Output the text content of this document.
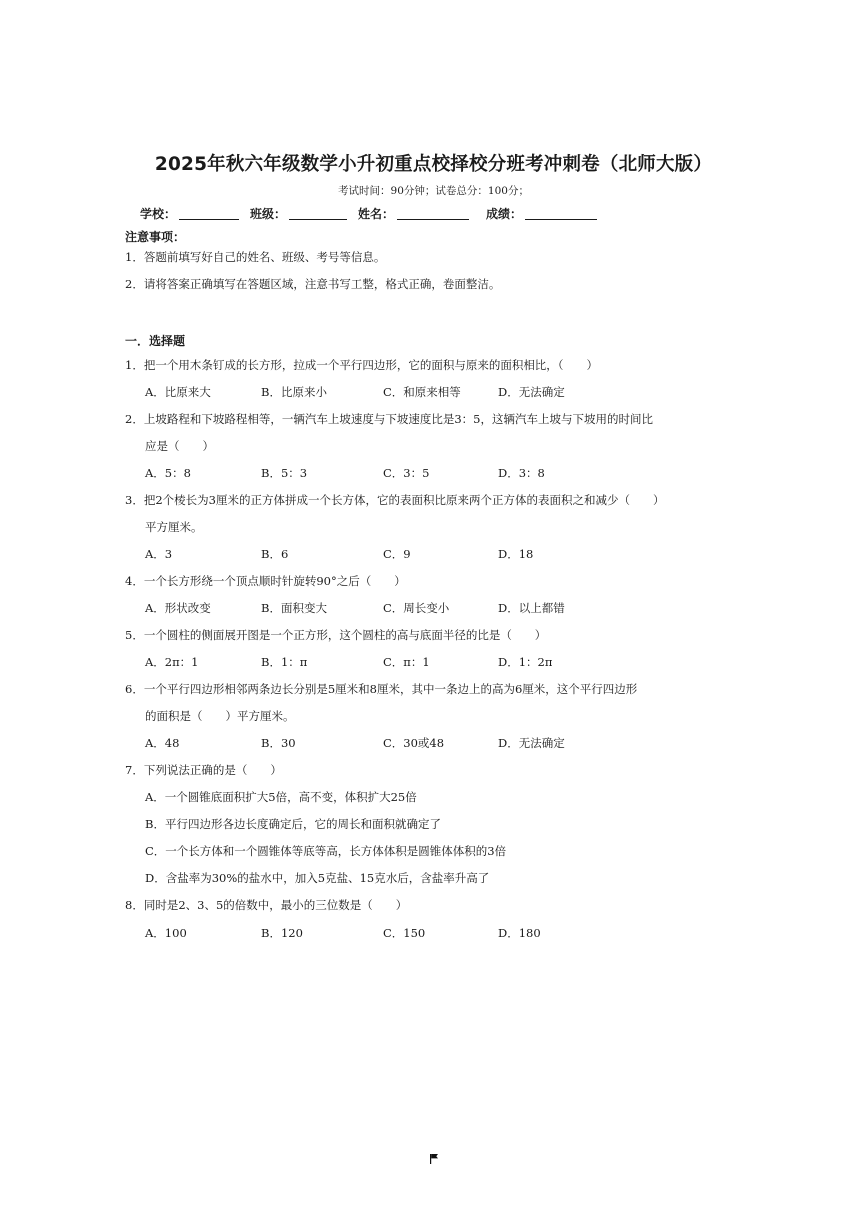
2025年秋六年级数学小升初重点校择校分班考冲刺卷（北师大版）
考试时间：90分钟；试卷总分：100分；
学校：	班级：	姓名：	成绩：
注意事项：
1．答题前填写好自己的姓名、班级、考号等信息。
2．请将答案正确填写在答题区域，注意书写工整，格式正确，卷面整洁。
一．选择题
1．把一个用木条钉成的长方形，拉成一个平行四边形，它的面积与原来的面积相比，（　　）
A．比原来大	B．比原来小	C．和原来相等	D．无法确定
2．上坡路程和下坡路程相等，一辆汽车上坡速度与下坡速度比是3：5，这辆汽车上坡与下坡用的时间比
应是（　　）
A．5：8	B．5：3	C．3：5	D．3：8
3．把2个棱长为3厘米的正方体拼成一个长方体，它的表面积比原来两个正方体的表面积之和减少（　　）
平方厘米。
A．3	B．6	C．9	D．18
4．一个长方形绕一个顶点顺时针旋转90°之后（　　）
A．形状改变	B．面积变大	C．周长变小	D．以上都错
5．一个圆柱的侧面展开图是一个正方形，这个圆柱的高与底面半径的比是（　　）
A．2π：1	B．1：π	C．π：1	D．1：2π
6．一个平行四边形相邻两条边长分别是5厘米和8厘米，其中一条边上的高为6厘米，这个平行四边形
的面积是（　　）平方厘米。
A．48	B．30	C．30或48	D．无法确定
7．下列说法正确的是（　　）
A．一个圆锥底面积扩大5倍，高不变，体积扩大25倍
B．平行四边形各边长度确定后，它的周长和面积就确定了
C．一个长方体和一个圆锥体等底等高，长方体体积是圆锥体体积的3倍
D．含盐率为30%的盐水中，加入5克盐、15克水后，含盐率升高了
8．同时是2、3、5的倍数中，最小的三位数是（　　）
A．100	B．120	C．150	D．180
